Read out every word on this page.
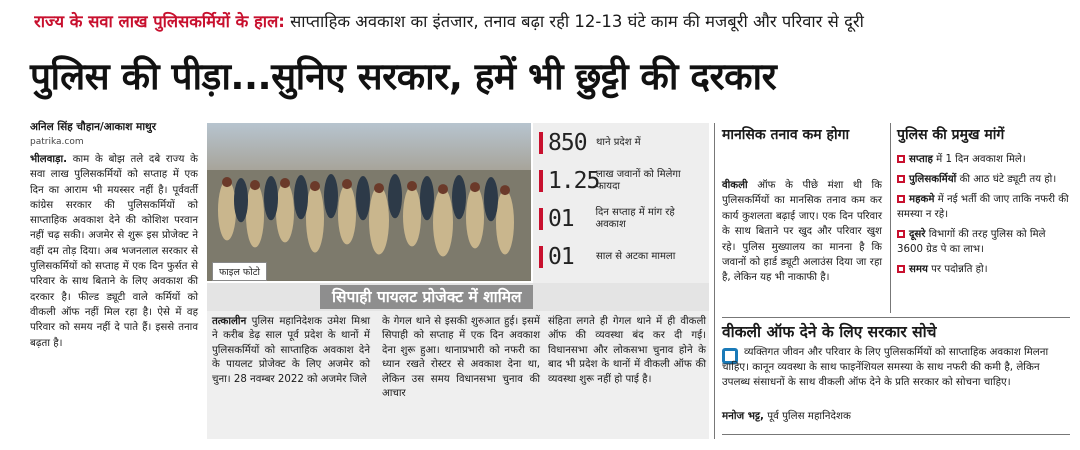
राज्य के सवा लाख पुलिसकर्मियों के हाल: साप्ताहिक अवकाश का इंतजार, तनाव बढ़ा रही 12-13 घंटे काम की मजबूरी और परिवार से दूरी
पुलिस की पीड़ा...सुनिए सरकार, हमें भी छुट्टी की दरकार
अनिल सिंह चौहान/आकाश माथुर
patrika.com
भीलवाड़ा. काम के बोझ तले दबे राज्य के सवा लाख पुलिसकर्मियों को सप्ताह में एक दिन का आराम भी मयस्सर नहीं है। पूर्ववर्ती कांग्रेस सरकार की पुलिसकर्मियों को साप्ताहिक अवकाश देने की कोशिश परवान नहीं चढ़ सकी। अजमेर से शुरू इस प्रोजेक्ट ने वहीं दम तोड़ दिया। अब भजनलाल सरकार से पुलिसकर्मियों को सप्ताह में एक दिन फुर्सत से परिवार के साथ बिताने के लिए अवकाश की दरकार है। फील्ड ड्यूटी वाले कर्मियों को वीकली ऑफ नहीं मिल रहा है। ऐसे में वह परिवार को समय नहीं दे पाते हैं। इससे तनाव बढ़ता है।
फाइल फोटो
850 थाने प्रदेश में
1.25
लाख जवानों को मिलेगा फायदा
01	दिन सप्ताह में मांग रहे अवकाश
01	साल से अटका मामला
सिपाही पायलट प्रोजेक्ट में शामिल
तत्कालीन पुलिस महानिदेशक उमेश मिश्रा ने करीब डेढ़ साल पूर्व प्रदेश के थानों में पुलिसकर्मियों को साप्ताहिक अवकाश देने के पायलट प्रोजेक्ट के लिए अजमेर को चुना। 28 नवम्बर 2022 को अजमेर जिले
के गेगल थाने से इसकी शुरुआत हुई। इसमें सिपाही को सप्ताह में एक दिन अवकाश देना शुरू हुआ। थानाप्रभारी को नफरी का ध्यान रखते रोस्टर से अवकाश देना था, लेकिन उस समय विधानसभा चुनाव की आचार
संहिता लगते ही गेगल थाने में ही वीकली ऑफ की व्यवस्था बंद कर दी गई। विधानसभा और लोकसभा चुनाव होने के बाद भी प्रदेश के थानों में वीकली ऑफ की व्यवस्था शुरू नहीं हो पाई है।
मानसिक तनाव कम होगा
वीकली ऑफ के पीछे मंशा थी कि पुलिसकर्मियों का मानसिक तनाव कम कर कार्य कुशलता बढ़ाई जाए। एक दिन परिवार के साथ बिताने पर खुद और परिवार खुश रहे। पुलिस मुख्यालय का मानना है कि जवानों को हार्ड ड्यूटी अलाउंस दिया जा रहा है, लेकिन यह भी नाकाफी है।
पुलिस की प्रमुख मांगें
सप्ताह में 1 दिन अवकाश मिले।
पुलिसकर्मियों की आठ घंटे ड्यूटी तय हो।
महकमे में नई भर्ती की जाए ताकि नफरी की समस्या न रहे।
दूसरे विभागों की तरह पुलिस को मिले 3600 ग्रेड पे का लाभ।
समय पर पदोन्नति हो।
वीकली ऑफ देने के लिए सरकार सोचे
व्यक्तिगत जीवन और परिवार के लिए पुलिसकर्मियों को साप्ताहिक अवकाश मिलना चाहिए। कानून व्यवस्था के साथ फाइनेंशियल समस्या के साथ नफरी की कमी है, लेकिन उपलब्ध संसाधनों के साथ वीकली ऑफ देने के प्रति सरकार को सोचना चाहिए।
मनोज भट्ट, पूर्व पुलिस महानिदेशक
